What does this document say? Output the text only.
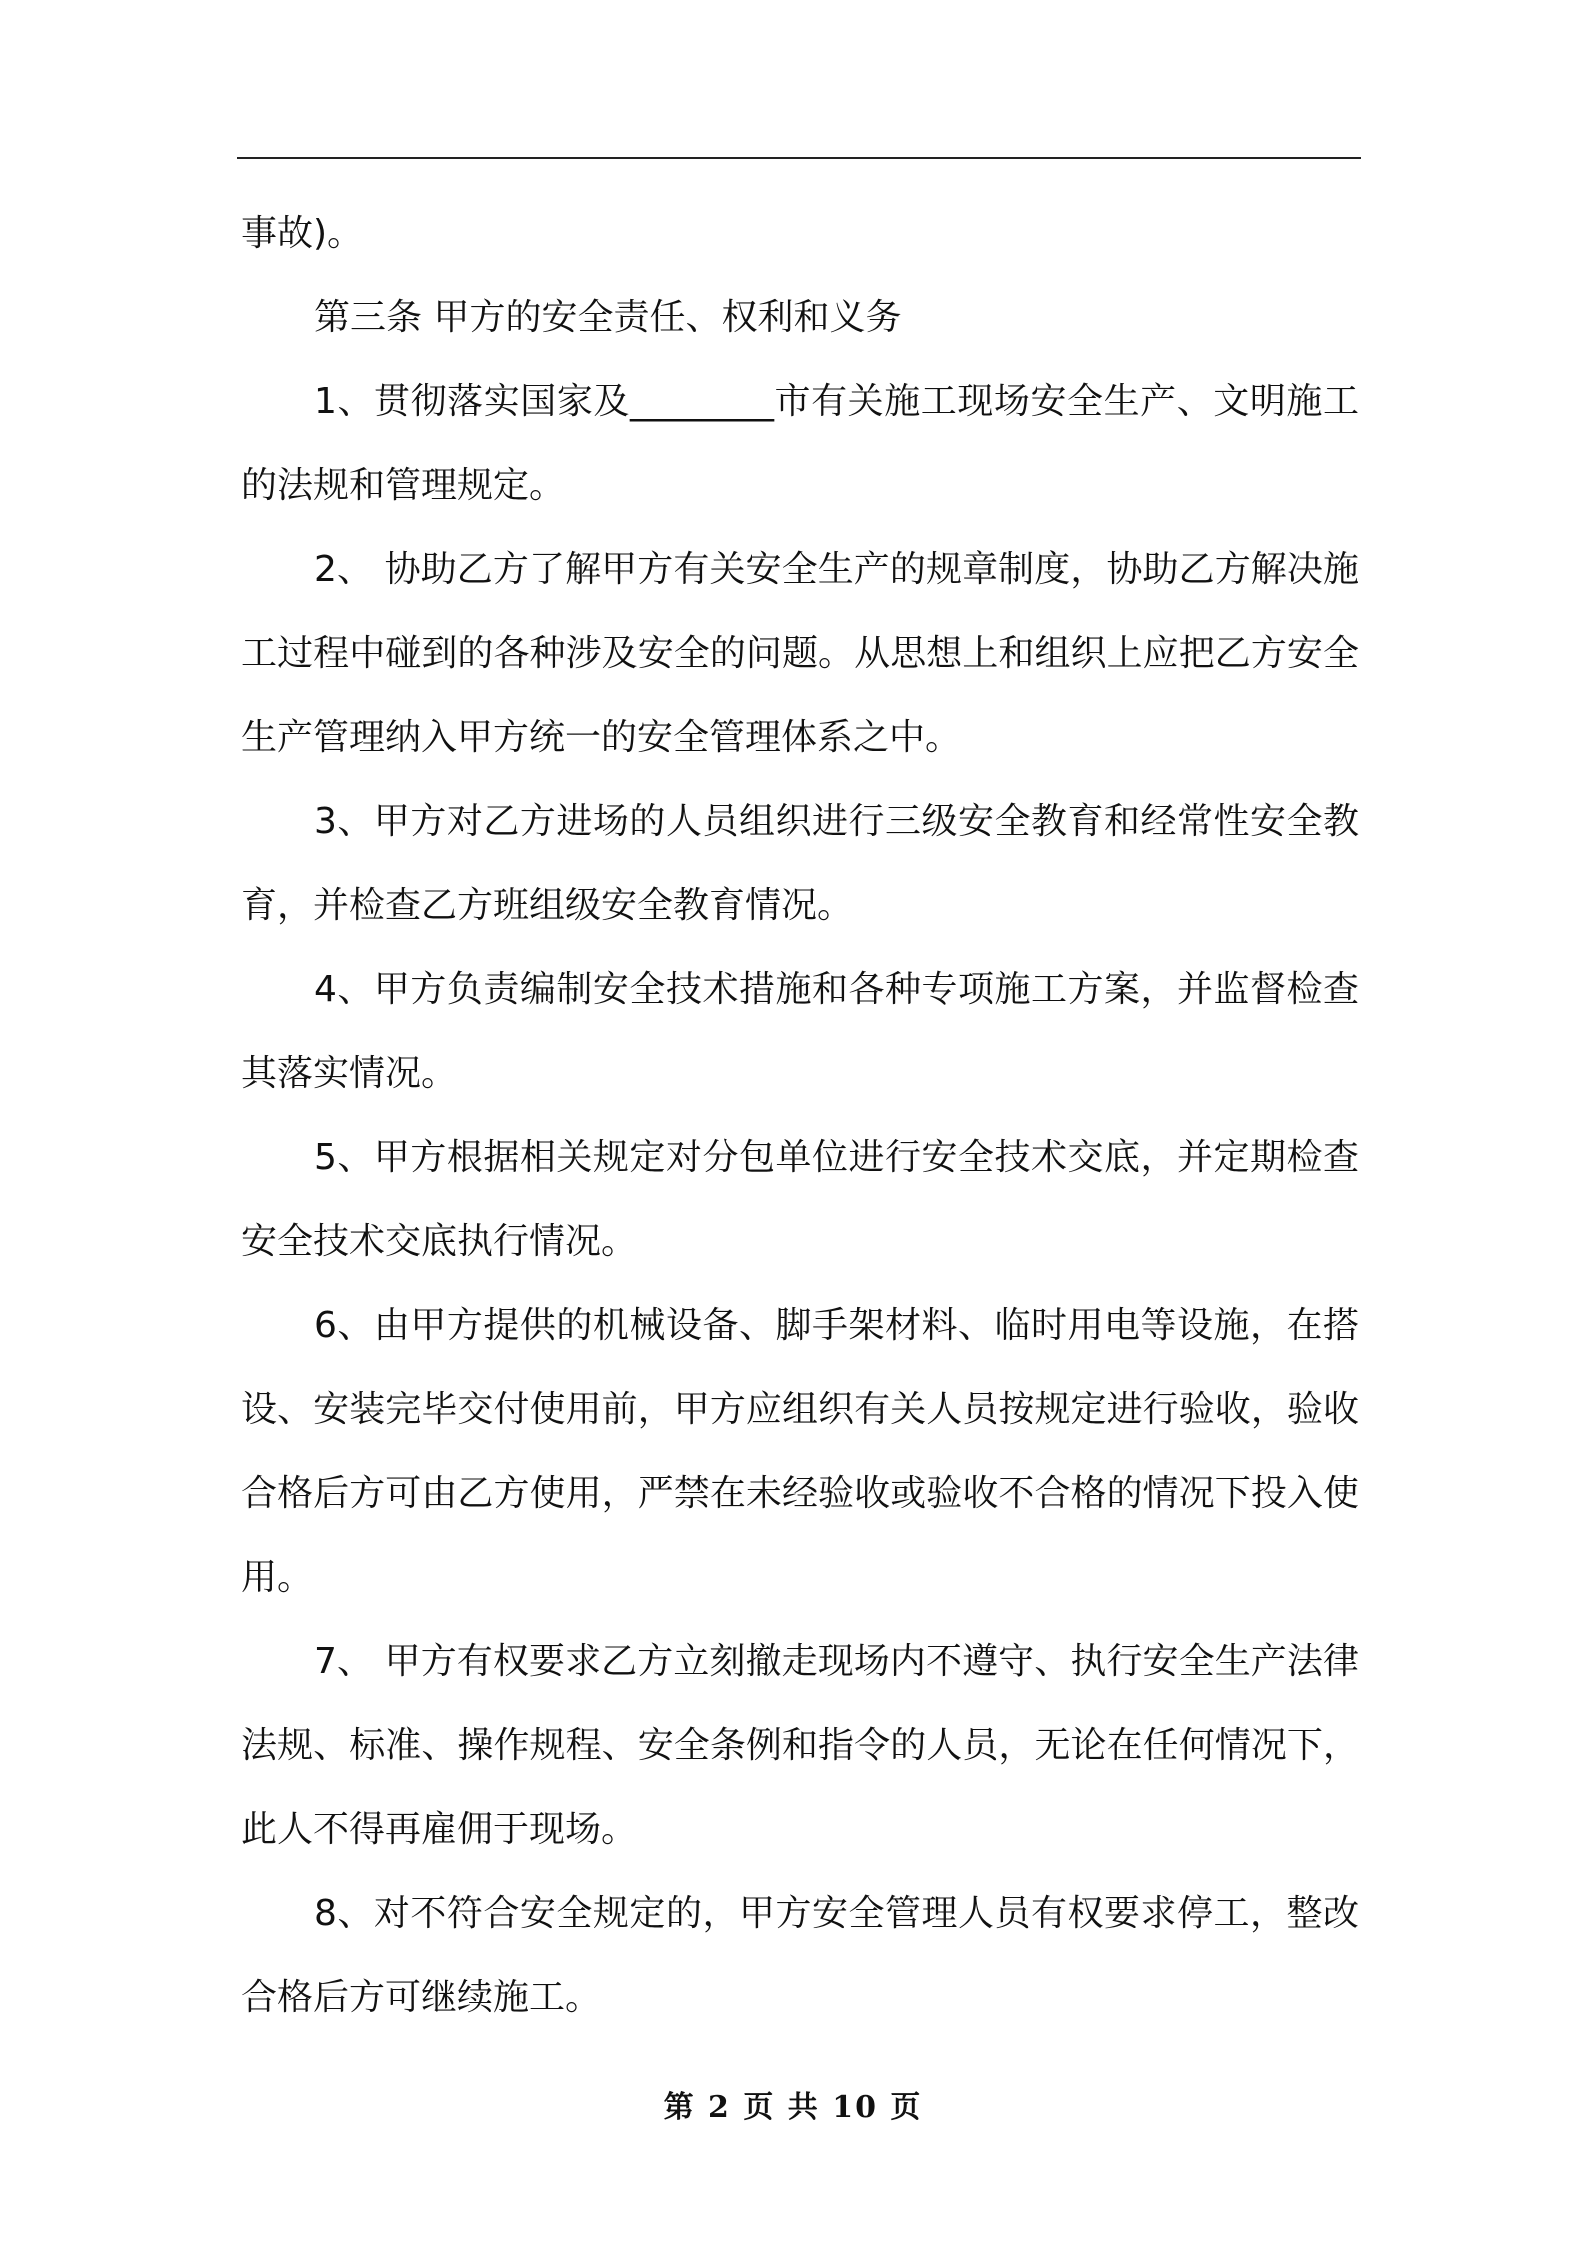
事故)。

第三条 甲方的安全责任、权利和义务

1、贯彻落实国家及________市有关施工现场安全生产、文明施工的法规和管理规定。

2、 协助乙方了解甲方有关安全生产的规章制度，协助乙方解决施工过程中碰到的各种涉及安全的问题。从思想上和组织上应把乙方安全生产管理纳入甲方统一的安全管理体系之中。

3、甲方对乙方进场的人员组织进行三级安全教育和经常性安全教育，并检查乙方班组级安全教育情况。

4、甲方负责编制安全技术措施和各种专项施工方案，并监督检查其落实情况。

5、甲方根据相关规定对分包单位进行安全技术交底，并定期检查安全技术交底执行情况。

6、由甲方提供的机械设备、脚手架材料、临时用电等设施，在搭设、安装完毕交付使用前，甲方应组织有关人员按规定进行验收，验收合格后方可由乙方使用，严禁在未经验收或验收不合格的情况下投入使用。

7、 甲方有权要求乙方立刻撤走现场内不遵守、执行安全生产法律法规、标准、操作规程、安全条例和指令的人员，无论在任何情况下，此人不得再雇佣于现场。

8、对不符合安全规定的，甲方安全管理人员有权要求停工，整改合格后方可继续施工。

第 2 页 共 10 页
